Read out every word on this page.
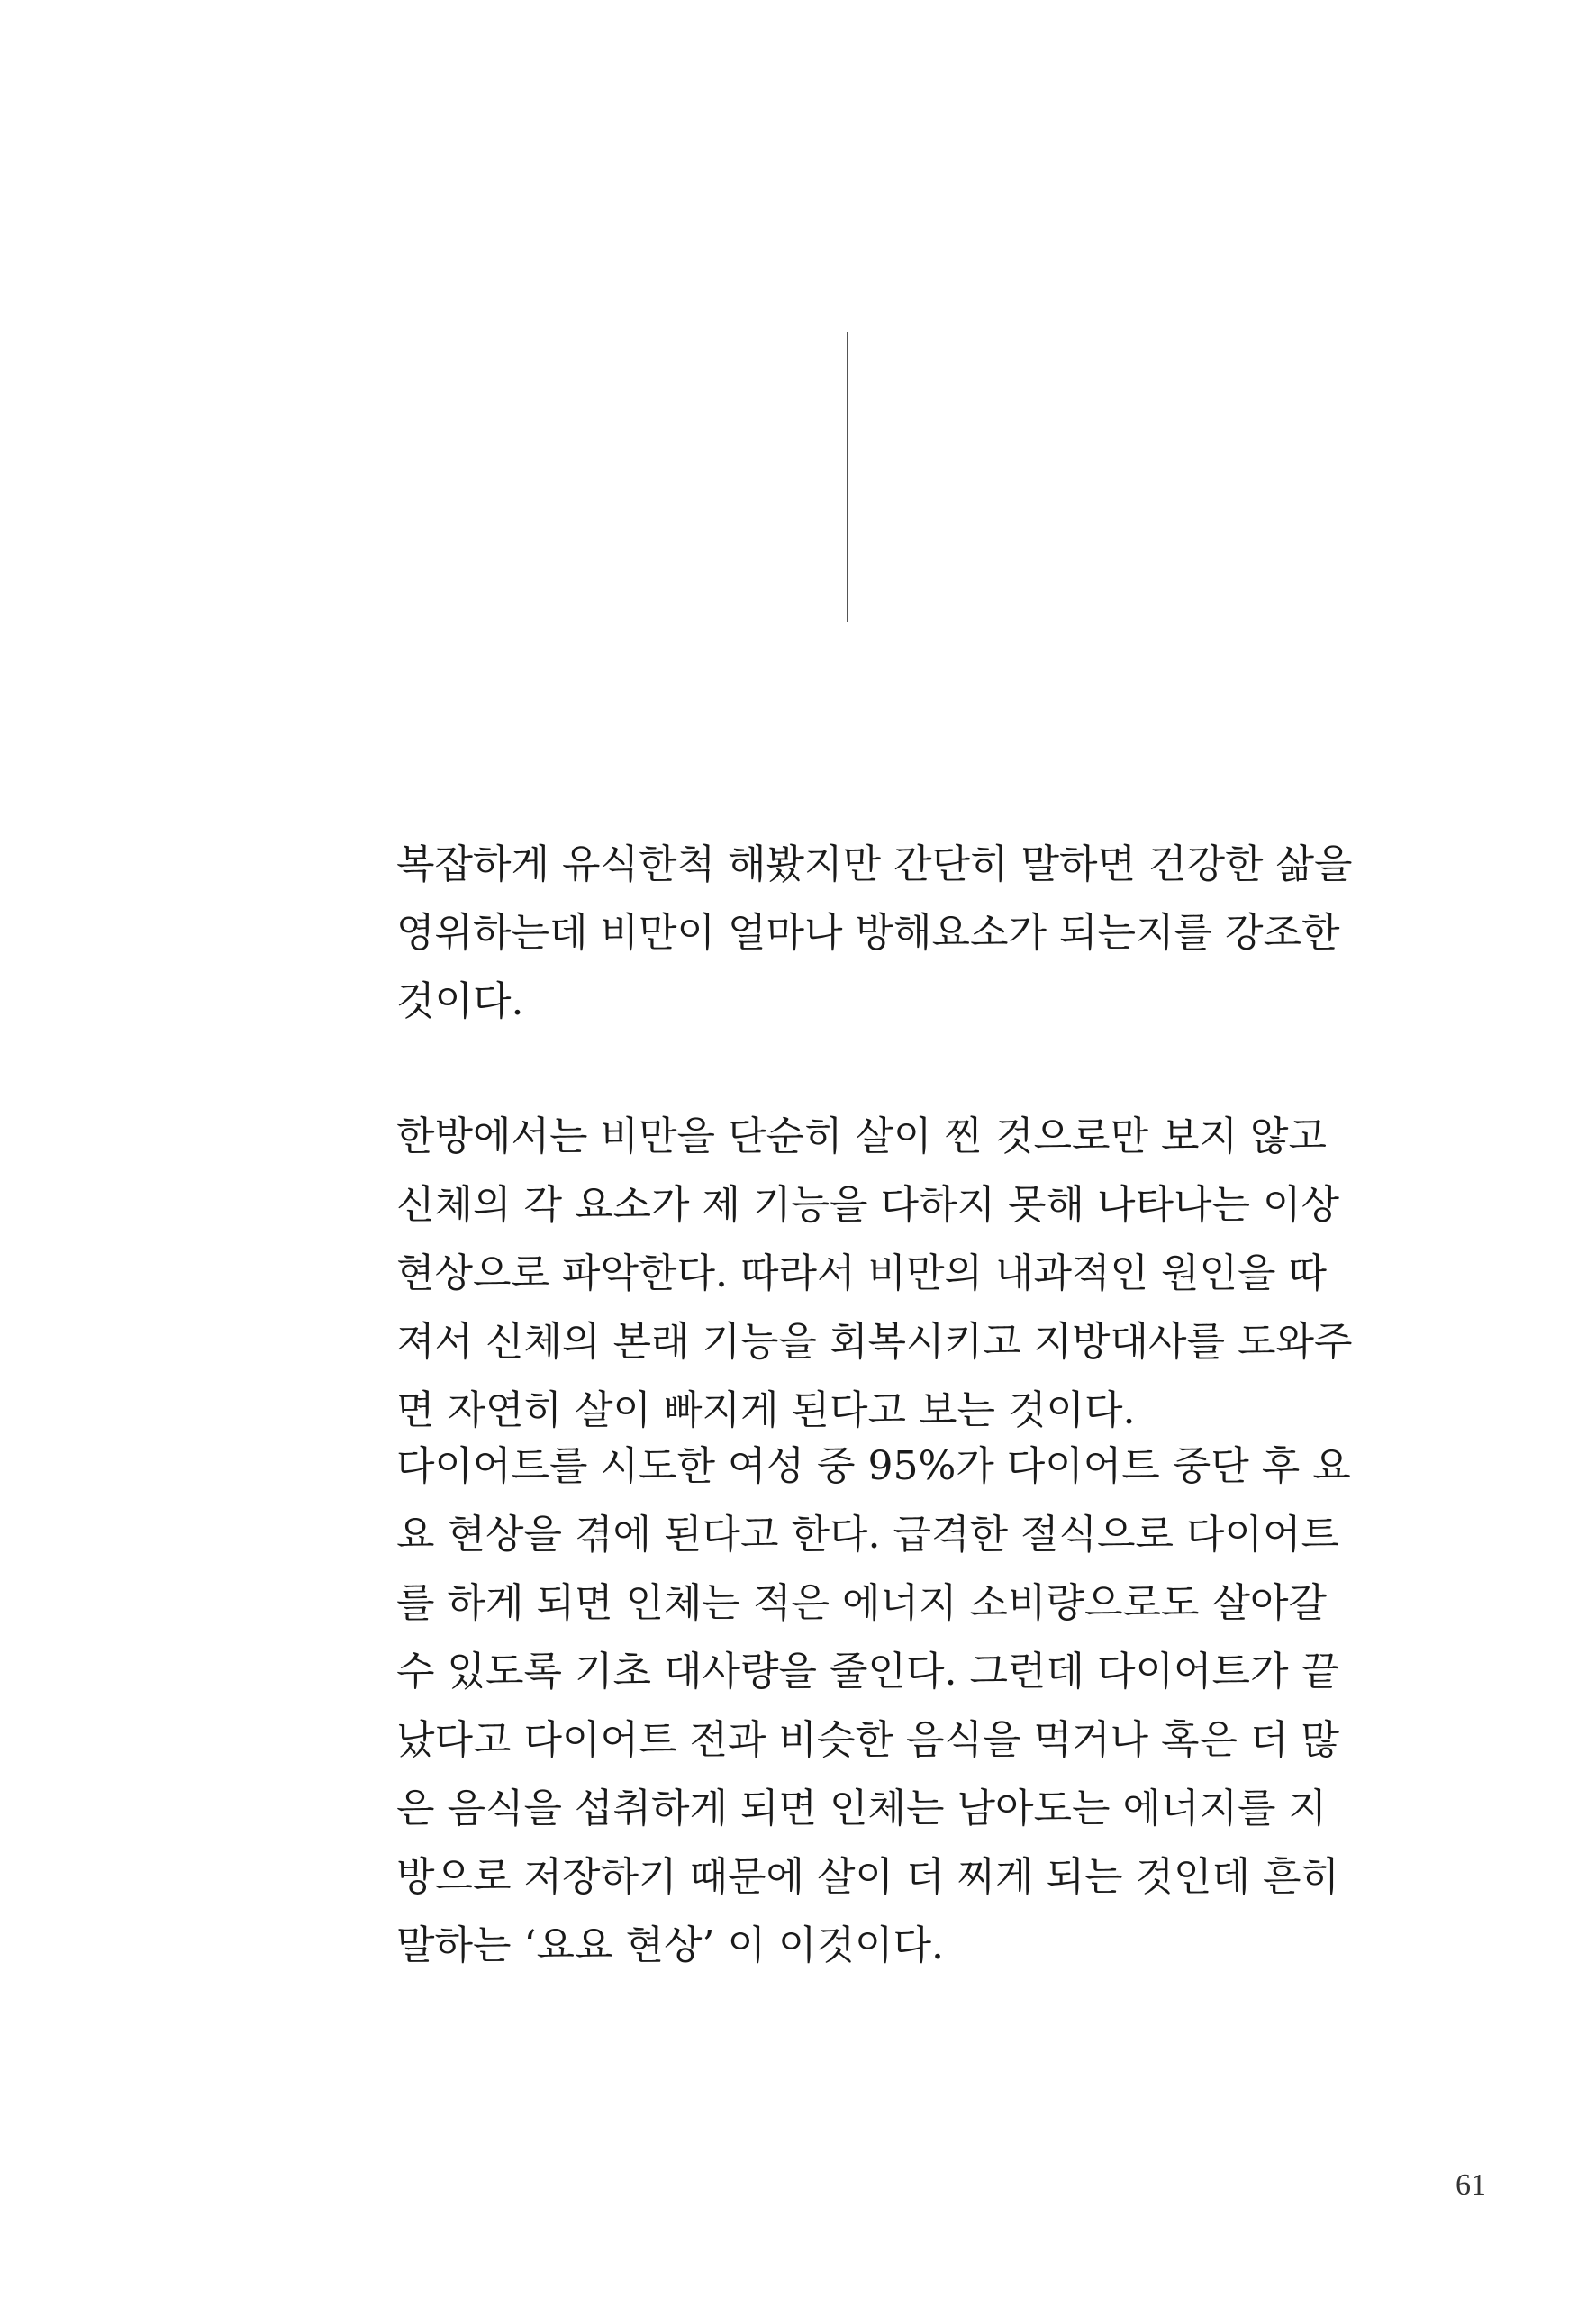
복잡하게 유식한척 해봤지만 간단히 말하면 건강한 삶을
영위하는데 비만이 얼마나 방해요소가 되는지를 강조한
것이다.
한방에서는 비만을 단순히 살이 찐 것으로만 보지 않고
신체의 각 요소가 제 기능을 다하지 못해 나타나는 이상
현상으로 파악한다. 따라서 비만의 내과적인 원인을 따
져서 신체의 본래 기능을 회복시키고 지방대사를 도와주
면 자연히 살이 빠지게 된다고 보는 것이다.
다이어트를 시도한 여성 중 95%가 다이어트 중단 후 요
요 현상을 겪에 된다고 한다. 급격한 절식으로 다이어트
를 하게 되면 인체는 적은 에너지 소비량으로도 살아갈
수 있도록 기초 대사량을 줄인다. 그런데 다이어트가 끝
났다고 다이어트 전과 비슷한 음식을 먹거나 혹은 더 많
은 음식을 섭취하게 되면 인체는 남아도는 에너지를 지
방으로 저장하기 때문에 살이 더 찌게 되는 것인데 흔히
말하는 ‘요요 현상’ 이 이것이다.
61
